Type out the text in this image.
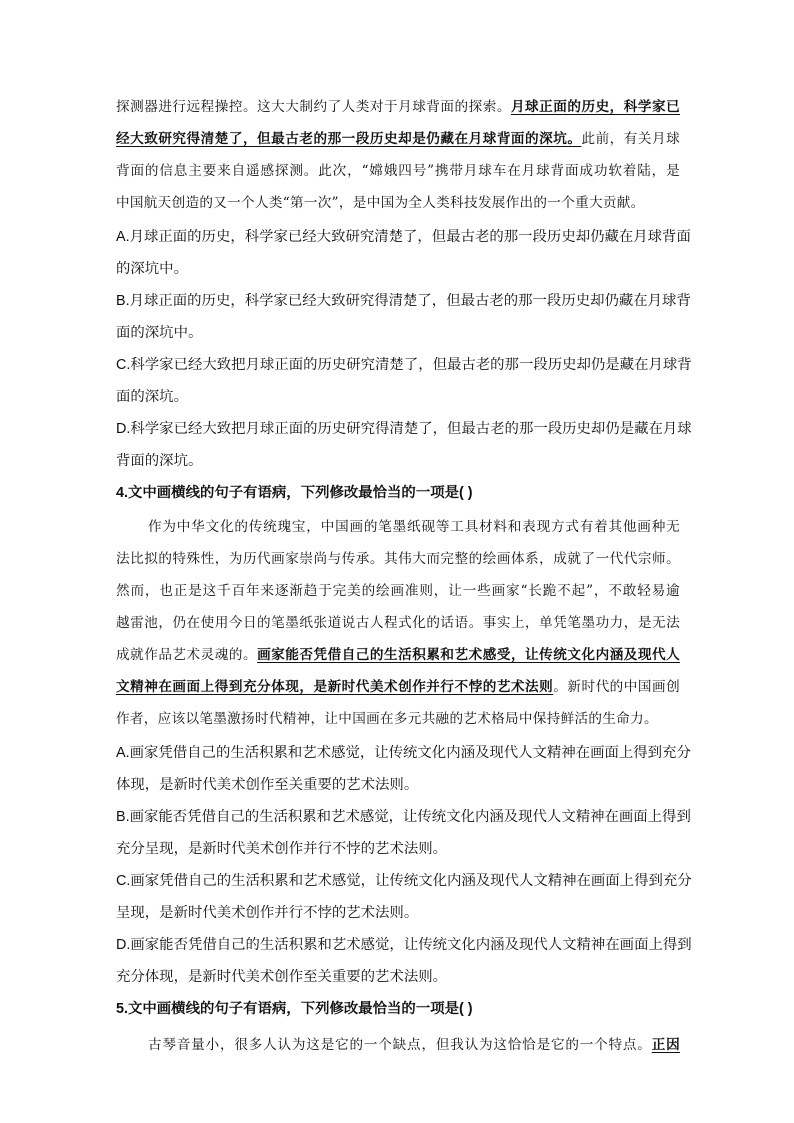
探测器进行远程操控。这大大制约了人类对于月球背面的探索。月球正面的历史，科学家已
经大致研究得清楚了，但最古老的那一段历史却是仍藏在月球背面的深坑。此前，有关月球
背面的信息主要来自遥感探测。此次，“嫦娥四号”携带月球车在月球背面成功软着陆，是
中国航天创造的又一个人类“第一次”，是中国为全人类科技发展作出的一个重大贡献。
A.月球正面的历史，科学家已经大致研究清楚了，但最古老的那一段历史却仍藏在月球背面
的深坑中。
B.月球正面的历史，科学家已经大致研究得清楚了，但最古老的那一段历史却仍藏在月球背
面的深坑中。
C.科学家已经大致把月球正面的历史研究清楚了，但最古老的那一段历史却仍是藏在月球背
面的深坑。
D.科学家已经大致把月球正面的历史研究得清楚了，但最古老的那一段历史却仍是藏在月球
背面的深坑。
4.文中画横线的句子有语病，下列修改最恰当的一项是( )
作为中华文化的传统瑰宝，中国画的笔墨纸砚等工具材料和表现方式有着其他画种无
法比拟的特殊性，为历代画家崇尚与传承。其伟大而完整的绘画体系，成就了一代代宗师。
然而，也正是这千百年来逐渐趋于完美的绘画准则，让一些画家“长跪不起”，不敢轻易逾
越雷池，仍在使用今日的笔墨纸张道说古人程式化的话语。事实上，单凭笔墨功力，是无法
成就作品艺术灵魂的。画家能否凭借自己的生活积累和艺术感受，让传统文化内涵及现代人
文精神在画面上得到充分体现，是新时代美术创作并行不悖的艺术法则。新时代的中国画创
作者，应该以笔墨激扬时代精神，让中国画在多元共融的艺术格局中保持鲜活的生命力。
A.画家凭借自己的生活积累和艺术感觉，让传统文化内涵及现代人文精神在画面上得到充分
体现，是新时代美术创作至关重要的艺术法则。
B.画家能否凭借自己的生活积累和艺术感觉，让传统文化内涵及现代人文精神在画面上得到
充分呈现，是新时代美术创作并行不悖的艺术法则。
C.画家凭借自己的生活积累和艺术感觉，让传统文化内涵及现代人文精神在画面上得到充分
呈现，是新时代美术创作并行不悖的艺术法则。
D.画家能否凭借自己的生活积累和艺术感觉，让传统文化内涵及现代人文精神在画面上得到
充分体现，是新时代美术创作至关重要的艺术法则。
5.文中画横线的句子有语病，下列修改最恰当的一项是( )
古琴音量小，很多人认为这是它的一个缺点，但我认为这恰恰是它的一个特点。正因
